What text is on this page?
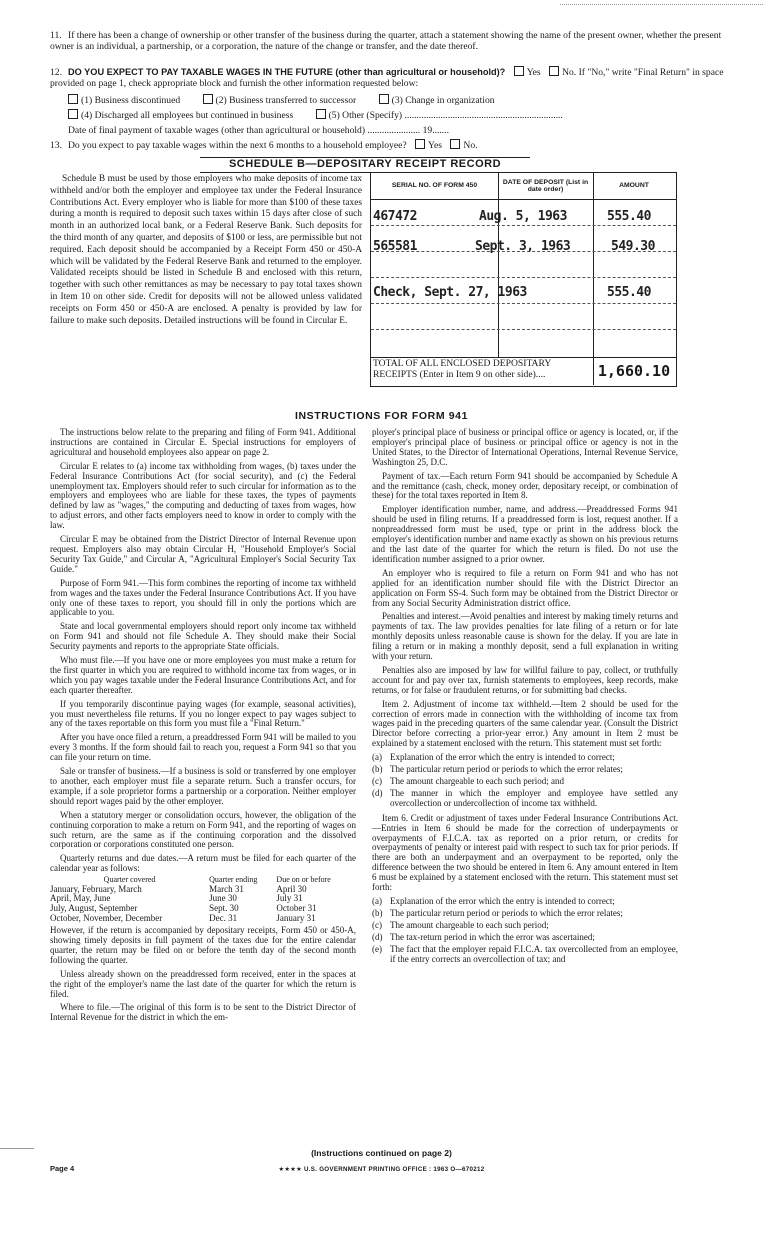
11. If there has been a change of ownership or other transfer of the business during the quarter, attach a statement showing the name of the present owner, whether the present owner is an individual, a partnership, or a corporation, the nature of the change or transfer, and the date thereof.
12. DO YOU EXPECT TO PAY TAXABLE WAGES IN THE FUTURE (other than agricultural or household)? Yes No. If "No," write "Final Return" in space provided on page 1, check appropriate block and furnish the other information requested below:
(1) Business discontinued	(2) Business transferred to successor	(3) Change in organization
(4) Discharged all employees but continued in business	(5) Other (Specify) ..................................................................
Date of final payment of taxable wages (other than agricultural or household) ...................... 19.......
13. Do you expect to pay taxable wages within the next 6 months to a household employee? Yes No.
SCHEDULE B—DEPOSITARY RECEIPT RECORD
Schedule B must be used by those employers who make deposits of income tax withheld and/or both the employer and employee tax under the Federal Insurance Contributions Act. Every employer who is liable for more than $100 of these taxes during a month is required to deposit such taxes within 15 days after close of such month in an authorized local bank, or a Federal Reserve Bank. Such deposits for the third month of any quarter, and deposits of $100 or less, are permissible but not required. Each deposit should be accompanied by a Receipt Form 450 or 450-A which will be validated by the Federal Reserve Bank and returned to the employer. Validated receipts should be listed in Schedule B and enclosed with this return, together with such other remittances as may be necessary to pay total taxes shown in Item 10 on other side. Credit for deposits will not be allowed unless validated receipts on Form 450 or 450-A are enclosed. A penalty is provided by law for failure to make such deposits. Detailed instructions will be found in Circular E.
SERIAL NO. OF FORM 450
DATE OF DEPOSIT (List in date order)
AMOUNT
467472	Aug. 5, 1963	555.40
565581	Sept. 3, 1963	549.30
Check, Sept. 27, 1963	555.40
TOTAL OF ALL ENCLOSED DEPOSITARY RECEIPTS (Enter in Item 9 on other side)....	1,660.10
INSTRUCTIONS FOR FORM 941

The instructions below relate to the preparing and filing of Form 941. Additional instructions are contained in Circular E. Special instructions for employers of agricultural and household employees also appear on page 2.

Circular E relates to (a) income tax withholding from wages, (b) taxes under the Federal Insurance Contributions Act (for social security), and (c) the Federal unemployment tax. Employers should refer to such circular for information as to the employers and employees who are liable for these taxes, the types of payments defined by law as "wages," the computing and deducting of taxes from wages, how to adjust errors, and other facts employers need to know in order to comply with the law.

Circular E may be obtained from the District Director of Internal Revenue upon request. Employers also may obtain Circular H, "Household Employer's Social Security Tax Guide," and Circular A, "Agricultural Employer's Social Security Tax Guide."

Purpose of Form 941.—This form combines the reporting of income tax withheld from wages and the taxes under the Federal Insurance Contributions Act. If you have only one of these taxes to report, you should fill in only the portions which are applicable to you.

State and local governmental employers should report only income tax withheld on Form 941 and should not file Schedule A. They should make their Social Security payments and reports to the appropriate State officials.

Who must file.—If you have one or more employees you must make a return for the first quarter in which you are required to withhold income tax from wages, or in which you pay wages taxable under the Federal Insurance Contributions Act, and for each quarter thereafter.

If you temporarily discontinue paying wages (for example, seasonal activities), you must nevertheless file returns. If you no longer expect to pay wages subject to any of the taxes reportable on this form you must file a "Final Return."

After you have once filed a return, a preaddressed Form 941 will be mailed to you every 3 months. If the form should fail to reach you, request a Form 941 so that you can file your return on time.

Sale or transfer of business.—If a business is sold or transferred by one employer to another, each employer must file a separate return. Such a transfer occurs, for example, if a sole proprietor forms a partnership or a corporation. Neither employer should report wages paid by the other employer.

When a statutory merger or consolidation occurs, however, the obligation of the continuing corporation to make a return on Form 941, and the reporting of wages on such return, are the same as if the continuing corporation and the dissolved corporation or corporations constituted one person.

Quarterly returns and due dates.—A return must be filed for each quarter of the calendar year as follows:

Quarter covered	Quarter ending	Due on or before
January, February, March	March 31	April 30
April, May, June	June 30	July 31
July, August, September	Sept. 30	October 31
October, November, December	Dec. 31	January 31

However, if the return is accompanied by depositary receipts, Form 450 or 450-A, showing timely deposits in full payment of the taxes due for the entire calendar quarter, the return may be filed on or before the tenth day of the second month following the quarter.

Unless already shown on the preaddressed form received, enter in the spaces at the right of the employer's name the last date of the quarter for which the return is filed.

Where to file.—The original of this form is to be sent to the District Director of Internal Revenue for the district in which the em-

ployer's principal place of business or principal office or agency is located, or, if the employer's principal place of business or principal office or agency is not in the United States, to the Director of International Operations, Internal Revenue Service, Washington 25, D.C.

Payment of tax.—Each return Form 941 should be accompanied by Schedule A and the remittance (cash, check, money order, depositary receipt, or combination of these) for the total taxes reported in Item 8.

Employer identification number, name, and address.—Preaddressed Forms 941 should be used in filing returns. If a preaddressed form is lost, request another. If a nonpreaddressed form must be used, type or print in the address block the employer's identification number and name exactly as shown on his previous returns and the last date of the quarter for which the return is filed. Do not use the identification number assigned to a prior owner.

An employer who is required to file a return on Form 941 and who has not applied for an identification number should file with the District Director an application on Form SS-4. Such form may be obtained from the District Director or from any Social Security Administration district office.

Penalties and interest.—Avoid penalties and interest by making timely returns and payments of tax. The law provides penalties for late filing of a return or for late monthly deposits unless reasonable cause is shown for the delay. If you are late in filing a return or in making a monthly deposit, send a full explanation in writing with your return.

Penalties also are imposed by law for willful failure to pay, collect, or truthfully account for and pay over tax, furnish statements to employees, keep records, make returns, or for false or fraudulent returns, or for submitting bad checks.

Item 2. Adjustment of income tax withheld.—Item 2 should be used for the correction of errors made in connection with the withholding of income tax from wages paid in the preceding quarters of the same calendar year. (Consult the District Director before correcting a prior-year error.) Any amount in Item 2 must be explained by a statement enclosed with the return. This statement must set forth:

(a) Explanation of the error which the entry is intended to correct;
(b) The particular return period or periods to which the error relates;
(c) The amount chargeable to each such period; and
(d) The manner in which the employer and employee have settled any overcollection or undercollection of income tax withheld.

Item 6. Credit or adjustment of taxes under Federal Insurance Contributions Act.—Entries in Item 6 should be made for the correction of underpayments or overpayments of F.I.C.A. tax as reported on a prior return, or credits for overpayments of penalty or interest paid with respect to such tax for prior periods. If there are both an underpayment and an overpayment to be reported, only the difference between the two should be entered in Item 6. Any amount entered in Item 6 must be explained by a statement enclosed with the return. This statement must set forth:

(a) Explanation of the error which the entry is intended to correct;
(b) The particular return period or periods to which the error relates;
(c) The amount chargeable to each such period;
(d) The tax-return period in which the error was ascertained;
(e) The fact that the employer repaid F.I.C.A. tax overcollected from an employee, if the entry corrects an overcollection of tax; and
(Instructions continued on page 2)
Page 4	★★★★ U.S. GOVERNMENT PRINTING OFFICE : 1963 O—670212
